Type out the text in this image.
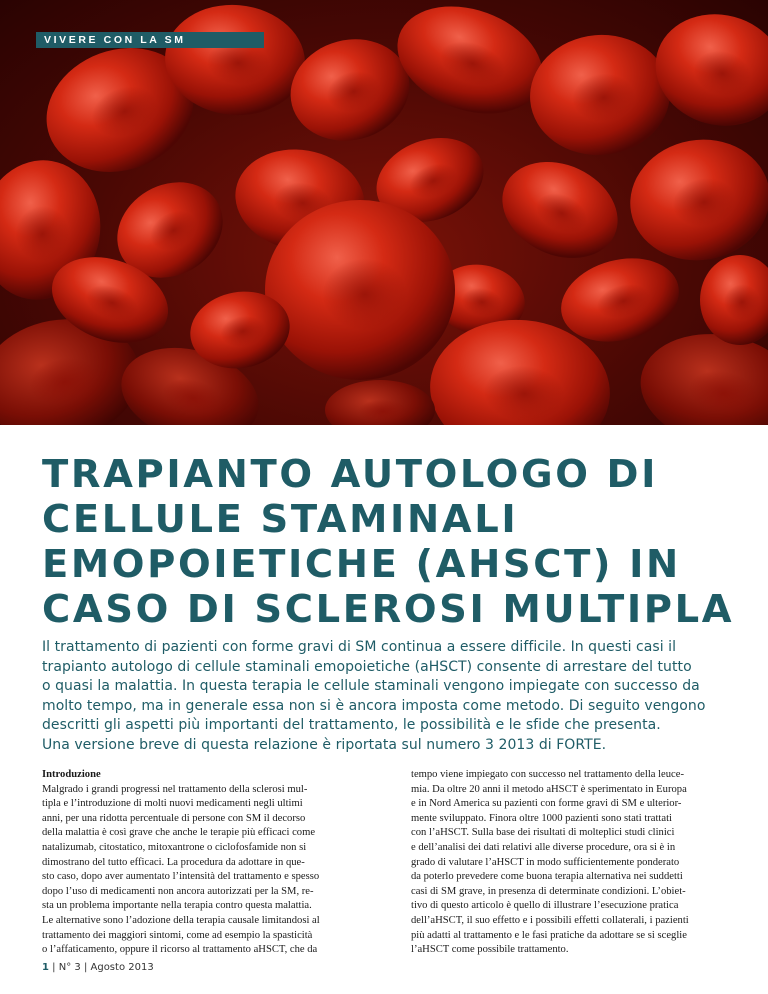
VIVERE CON LA SM
TRAPIANTO AUTOLOGO DI
CELLULE STAMINALI
EMOPOIETICHE (AHSCT) IN
CASO DI SCLEROSI MULTIPLA
Il trattamento di pazienti con forme gravi di SM continua a essere difficile. In questi casi il
trapianto autologo di cellule staminali emopoietiche (aHSCT) consente di arrestare del tutto
o quasi la malattia. In questa terapia le cellule staminali vengono impiegate con successo da
molto tempo, ma in generale essa non si è ancora imposta come metodo. Di seguito vengono
descritti gli aspetti più importanti del trattamento, le possibilità e le sfide che presenta.
Una versione breve di questa relazione è riportata sul numero 3 2013 di FORTE.
Introduzione
Malgrado i grandi progressi nel trattamento della sclerosi mul-
tipla e l’introduzione di molti nuovi medicamenti negli ultimi
anni, per una ridotta percentuale di persone con SM il decorso
della malattia è così grave che anche le terapie più efficaci come
natalizumab, citostatico, mitoxantrone o ciclofosfamide non si
dimostrano del tutto efficaci. La procedura da adottare in que-
sto caso, dopo aver aumentato l’intensità del trattamento e spesso
dopo l’uso di medicamenti non ancora autorizzati per la SM, re-
sta un problema importante nella terapia contro questa malattia.
Le alternative sono l’adozione della terapia causale limitandosi al
trattamento dei maggiori sintomi, come ad esempio la spasticità
o l’affaticamento, oppure il ricorso al trattamento aHSCT, che da
tempo viene impiegato con successo nel trattamento della leuce-
mia. Da oltre 20 anni il metodo aHSCT è sperimentato in Europa
e in Nord America su pazienti con forme gravi di SM e ulterior-
mente sviluppato. Finora oltre 1000 pazienti sono stati trattati
con l’aHSCT. Sulla base dei risultati di molteplici studi clinici
e dell’analisi dei dati relativi alle diverse procedure, ora si è in
grado di valutare l’aHSCT in modo sufficientemente ponderato
da poterlo prevedere come buona terapia alternativa nei suddetti
casi di SM grave, in presenza di determinate condizioni. L’obiet-
tivo di questo articolo è quello di illustrare l’esecuzione pratica
dell’aHSCT, il suo effetto e i possibili effetti collaterali, i pazienti
più adatti al trattamento e le fasi pratiche da adottare se si sceglie
l’aHSCT come possibile trattamento.
1 | N° 3 | Agosto 2013
